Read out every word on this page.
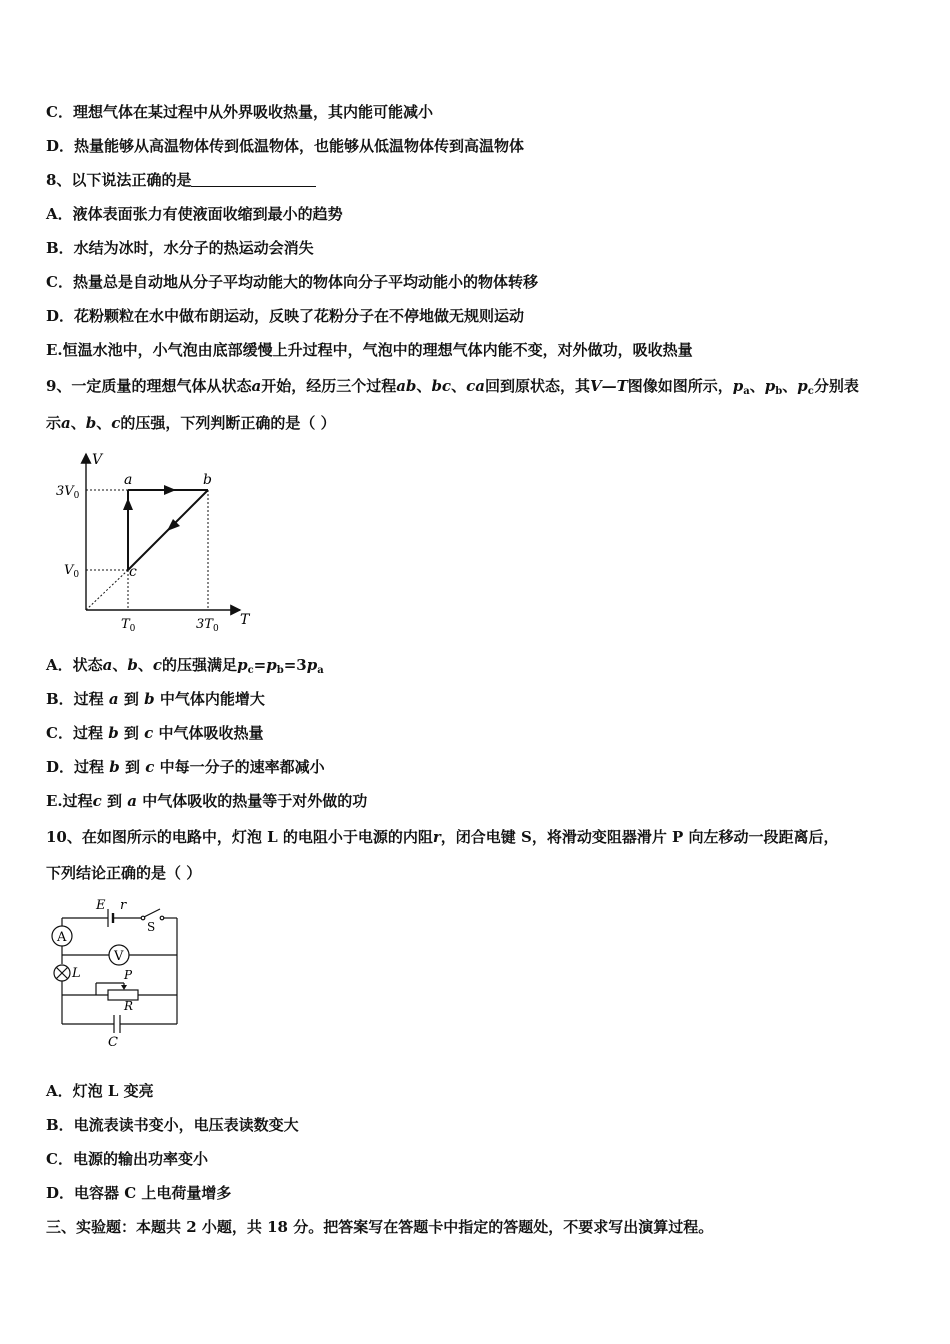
C．理想气体在某过程中从外界吸收热量，其内能可能减小
D．热量能够从高温物体传到低温物体，也能够从低温物体传到高温物体
8、以下说法正确的是
A．液体表面张力有使液面收缩到最小的趋势
B．水结为冰时，水分子的热运动会消失
C．热量总是自动地从分子平均动能大的物体向分子平均动能小的物体转移
D．花粉颗粒在水中做布朗运动，反映了花粉分子在不停地做无规则运动
E.恒温水池中，小气泡由底部缓慢上升过程中，气泡中的理想气体内能不变，对外做功，吸收热量
9、一定质量的理想气体从状态a开始，经历三个过程ab、bc、ca回到原状态，其V—T图像如图所示，$p_a$、$p_b$、$p_c$分别表
示a、b、c的压强，下列判断正确的是（ ）
V
T
a	b
c
$3V_0$
$V_0$
$T_0$	$3T_0$
A．状态a、b、c的压强满足$p_c=p_b=3p_a$
B．过程 a 到 b 中气体内能增大
C．过程 b 到 c 中气体吸收热量
D．过程 b 到 c 中每一分子的速率都减小
E.过程c 到 a 中气体吸收的热量等于对外做的功
10、在如图所示的电路中，灯泡 L 的电阻小于电源的内阻r，闭合电键 S，将滑动变阻器滑片 P 向左移动一段距离后，
下列结论正确的是（ ）
E r
S
A
V
L	P
R
C
A．灯泡 L 变亮
B．电流表读书变小，电压表读数变大
C．电源的输出功率变小
D．电容器 C 上电荷量增多
三、实验题：本题共 2 小题，共 18 分。把答案写在答题卡中指定的答题处，不要求写出演算过程。
